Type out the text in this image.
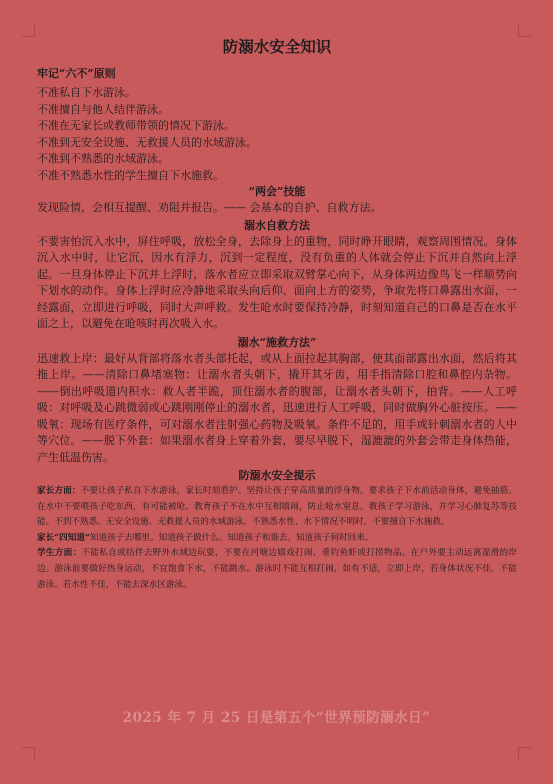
防溺水安全知识
牢记“六不”原则
不准私自下水游泳。
不准擅自与他人结伴游泳。
不准在无家长或教师带领的情况下游泳。
不准到无安全设施、无救援人员的水域游泳。
不准到不熟悉的水域游泳。
不准不熟悉水性的学生擅自下水施救。
“两会”技能

发现险情，会相互提醒、劝阻并报告。—— 会基本的自护、自救方法。

溺水自救方法

不要害怕沉入水中，屏住呼吸，放松全身，去除身上的重物，同时睁开眼睛，观察周围情况。身体沉入水中时，让它沉，因水有浮力，沉到一定程度，没有负重的人体就会停止下沉并自然向上浮起。一旦身体停止下沉并上浮时，落水者应立即采取双臂掌心向下，从身体两边像鸟飞一样顺势向下划水的动作。身体上浮时应冷静地采取头向后仰、面向上方的姿势，争取先将口鼻露出水面，一经露面，立即进行呼吸，同时大声呼救。发生呛水时要保持冷静，时刻知道自己的口鼻是否在水平面之上，以避免在呛咳时再次吸入水。

溺水“施救方法”

迅速救上岸：最好从背部将落水者头部托起，或从上面拉起其胸部，使其面部露出水面，然后将其拖上岸。——清除口鼻堵塞物：让溺水者头朝下，撬开其牙齿，用手指清除口腔和鼻腔内杂物。——倒出呼吸道内积水：救人者半跪，顶住溺水者的腹部，让溺水者头朝下，拍背。——人工呼吸：对呼吸及心跳微弱或心跳刚刚停止的溺水者，迅速进行人工呼吸，同时做胸外心脏按压。——吸氧：现场有医疗条件，可对溺水者注射强心药物及吸氧。条件不足的，用手或针刺溺水者的人中等穴位。——脱下外套：如果溺水者身上穿着外套，要尽早脱下，湿漉漉的外套会带走身体热能，产生低温伤害。

防溺水安全提示

家长方面：不要让孩子私自下水游泳，家长时刻看护。坚持让孩子穿高质量的浮身物。要求孩子下水前活动身体，避免抽筋。在水中不要喂孩子吃东西，有可能被呛。教育孩子不在水中互相嬉闹，防止呛水窒息。教孩子学习游泳，并学习心肺复苏等技能。不到不熟悉、无安全设施、无救援人员的水域游泳。不熟悉水性、水下情况不明时，不要擅自下水施救。

家长“四知道”知道孩子去哪里。知道孩子做什么。知道孩子和谁去。知道孩子何时回来。

学生方面：不能私自或结伴去野外水域边玩耍，不要在河塘边嬉戏打闹、垂钓鱼虾或打捞物品。在户外要主动远离湿滑的岸边。游泳前要做好热身运动，不宜饱食下水，不能跳水。游泳时不能互相打闹，如有不适，立即上岸，若身体状况不佳，不能游泳。若水性不佳，不能去深水区游泳。

2025 年 7 月 25 日是第五个“世界预防溺水日”
